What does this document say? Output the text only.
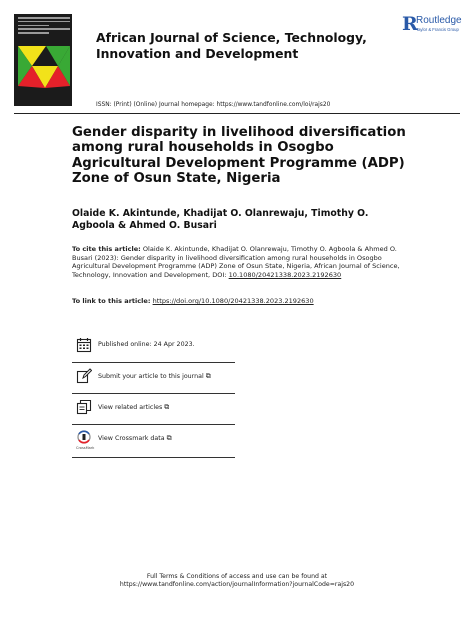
R
Routledge
Taylor & Francis Group
African Journal of Science, Technology, Innovation and Development
ISSN: (Print) (Online) Journal homepage: https://www.tandfonline.com/loi/rajs20
Gender disparity in livelihood diversification among rural households in Osogbo Agricultural Development Programme (ADP) Zone of Osun State, Nigeria
Olaide K. Akintunde, Khadijat O. Olanrewaju, Timothy O. Agboola & Ahmed O. Busari
To cite this article: Olaide K. Akintunde, Khadijat O. Olanrewaju, Timothy O. Agboola & Ahmed O. Busari (2023): Gender disparity in livelihood diversification among rural households in Osogbo Agricultural Development Programme (ADP) Zone of Osun State, Nigeria, African Journal of Science, Technology, Innovation and Development, DOI: 10.1080/20421338.2023.2192630
To link to this article: https://doi.org/10.1080/20421338.2023.2192630
Published online: 24 Apr 2023.
Submit your article to this journal ⧉
View related articles ⧉
View Crossmark data ⧉
CrossMark
Full Terms & Conditions of access and use can be found at
https://www.tandfonline.com/action/journalInformation?journalCode=rajs20
